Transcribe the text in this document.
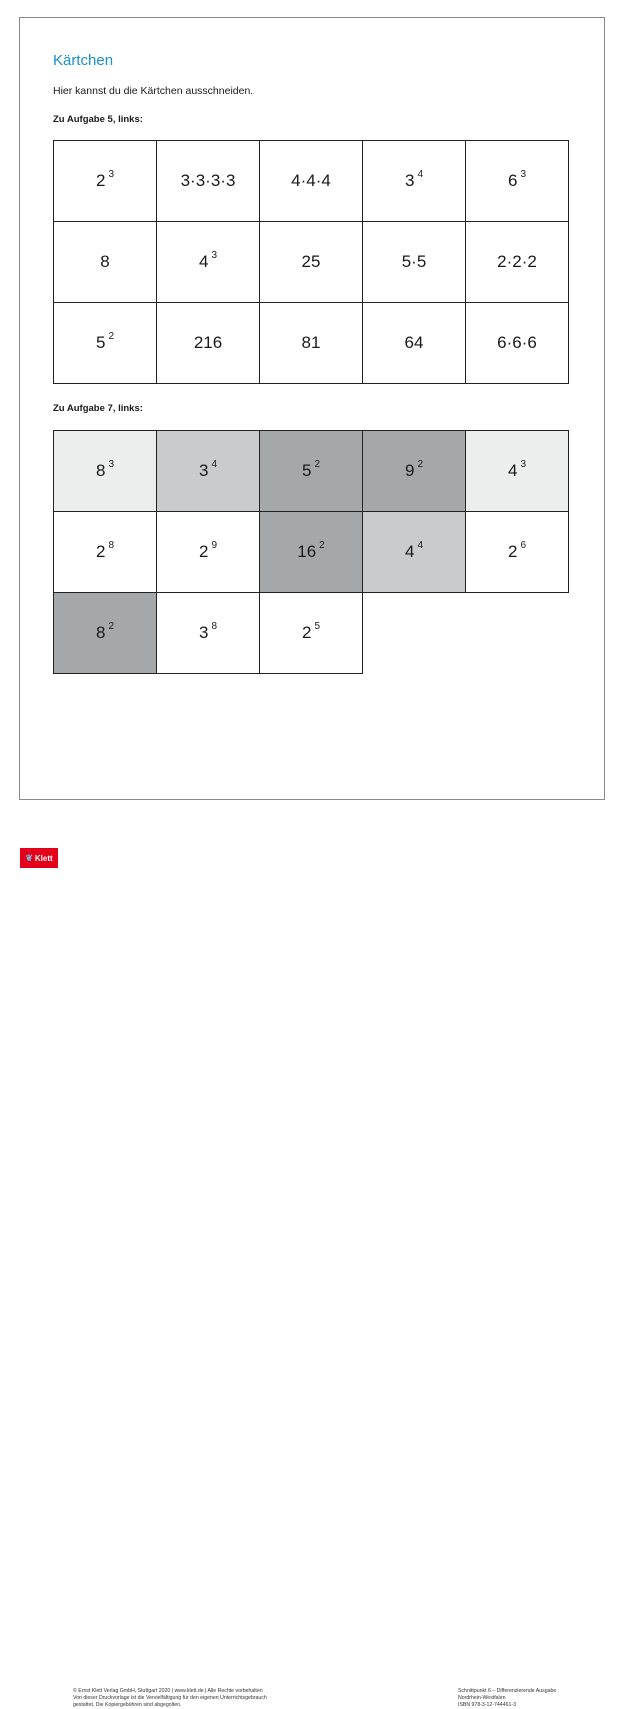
Kärtchen
Hier kannst du die Kärtchen ausschneiden.
Zu Aufgabe 5, links:
2 3	3·3·3·3	4·4·4	3 4	6 3
8	4 3	25	5·5	2·2·2
5 2	216	81	64	6·6·6
Zu Aufgabe 7, links:
8 3	3 4	5 2	9 2	4 3
2 8	2 9	16 2	4 4	2 6
8 2	3 8	2 5
❦ Klett
© Ernst Klett Verlag GmbH, Stuttgart 2020 | www.klett.de | Alle Rechte vorbehalten
Von dieser Druckvorlage ist die Vervielfältigung für den eigenen Unterrichtsgebrauch
gestattet. Die Kopiergebühren sind abgegolten.
Schnittpunkt 6 – Differenzierende Ausgabe
Nordrhein-Westfalen
ISBN 978-3-12-744461-3
